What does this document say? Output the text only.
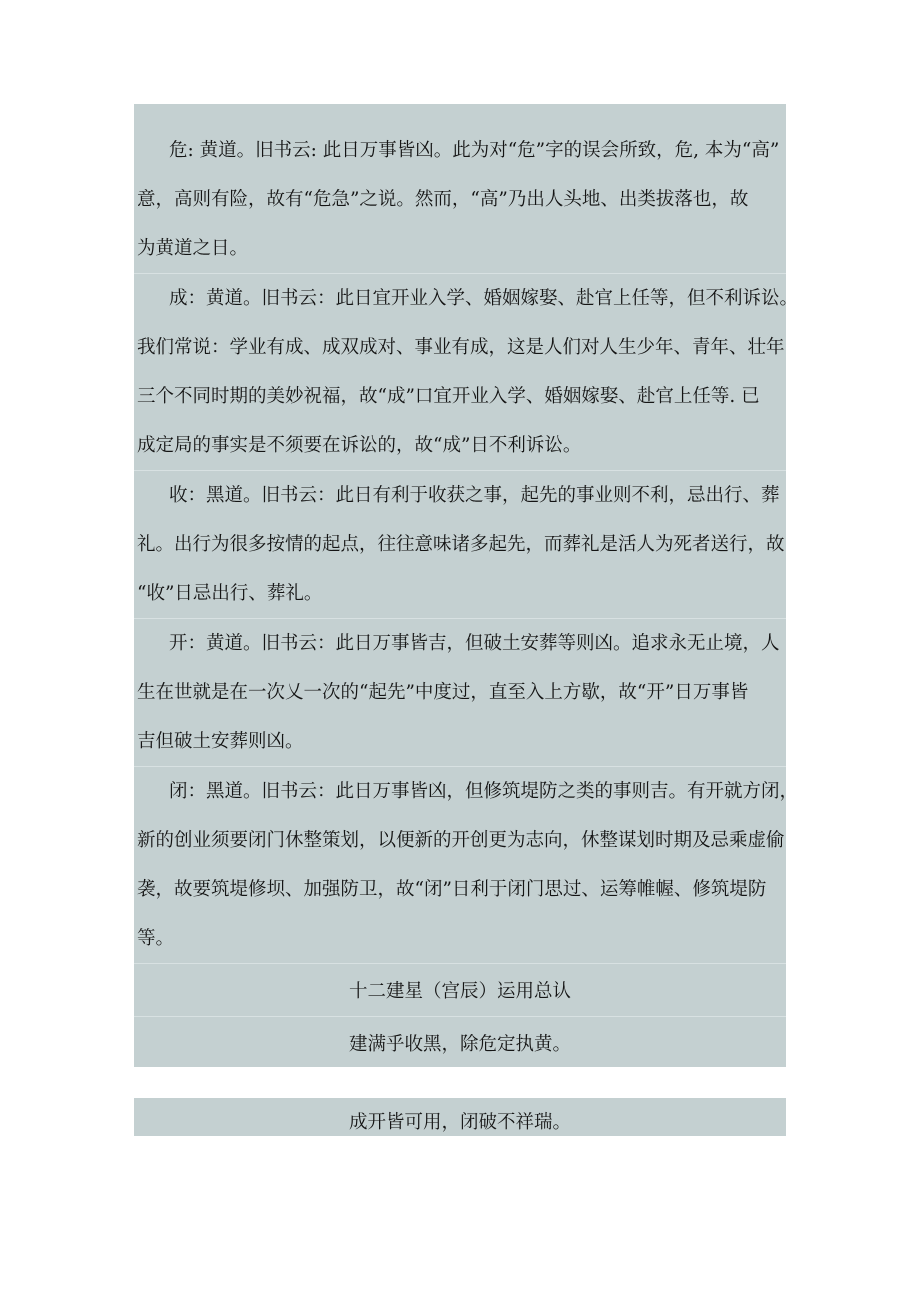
危: 黄道。旧书云: 此日万事皆凶。此为对“危”字的误会所致，危, 本为“高”
意，高则有险，故有“危急”之说。然而，“高”乃出人头地、出类拔落也，故
为黄道之日。
成：黄道。旧书云：此日宜开业入学、婚姻嫁娶、赴官上任等，但不利诉讼。
我们常说：学业有成、成双成对、事业有成，这是人们对人生少年、青年、壮年
三个不同时期的美妙祝福，故“成”口宜开业入学、婚姻嫁娶、赴官上任等. 已
成定局的事实是不须要在诉讼的，故“成”日不利诉讼。
收：黑道。旧书云：此日有利于收获之事，起先的事业则不利，忌出行、葬
礼。出行为很多按情的起点，往往意味诸多起先，而葬礼是活人为死者送行，故
“收”日忌出行、葬礼。
开：黄道。旧书云：此日万事皆吉，但破土安葬等则凶。追求永无止境，人
生在世就是在一次乂一次的“起先”中度过，直至入上方歇，故“开”日万事皆
吉但破土安葬则凶。
闭：黑道。旧书云：此日万事皆凶，但修筑堤防之类的事则吉。有开就方闭，
新的创业须要闭门休整策划，以便新的开创更为志向，休整谋划时期及忌乘虚偷
袭，故要筑堤修坝、加强防卫，故“闭”日利于闭门思过、运筹帷幄、修筑堤防
等。
十二建星（宫辰）运用总认
建满乎收黑，除危定执黄。
成开皆可用，闭破不祥瑞。
